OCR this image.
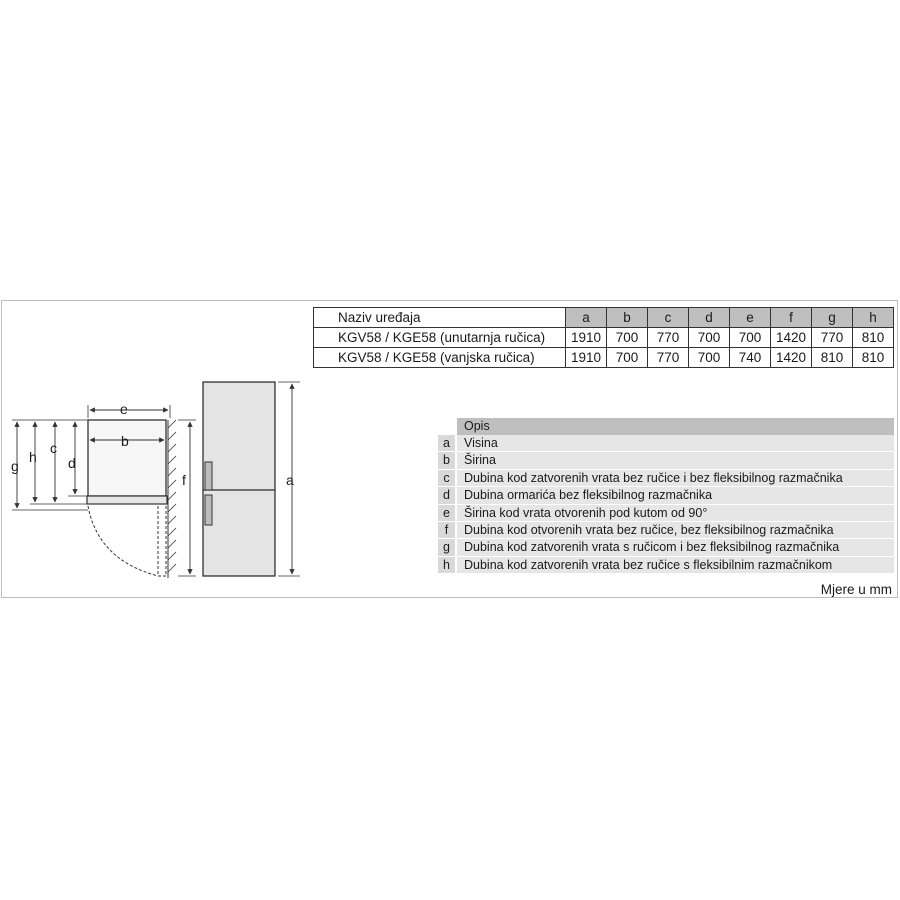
e
b
g
h
c
d
f	a
Naziv uređaja	a	b	c	d	e	f	g	h
KGV58 / KGE58 (unutarnja ručica)	1910	700	770	700	700	1420	770	810
KGV58 / KGE58 (vanjska ručica)	1910	700	770	700	740	1420	810	810
Opis
a	Visina
b	Širina
c	Dubina kod zatvorenih vrata bez ručice i bez fleksibilnog razmačnika
d	Dubina ormarića bez fleksibilnog razmačnika
e	Širina kod vrata otvorenih pod kutom od 90°
f	Dubina kod otvorenih vrata bez ručice, bez fleksibilnog razmačnika
g	Dubina kod zatvorenih vrata s ručicom i bez fleksibilnog razmačnika
h	Dubina kod zatvorenih vrata bez ručice s fleksibilnim razmačnikom
Mjere u mm
